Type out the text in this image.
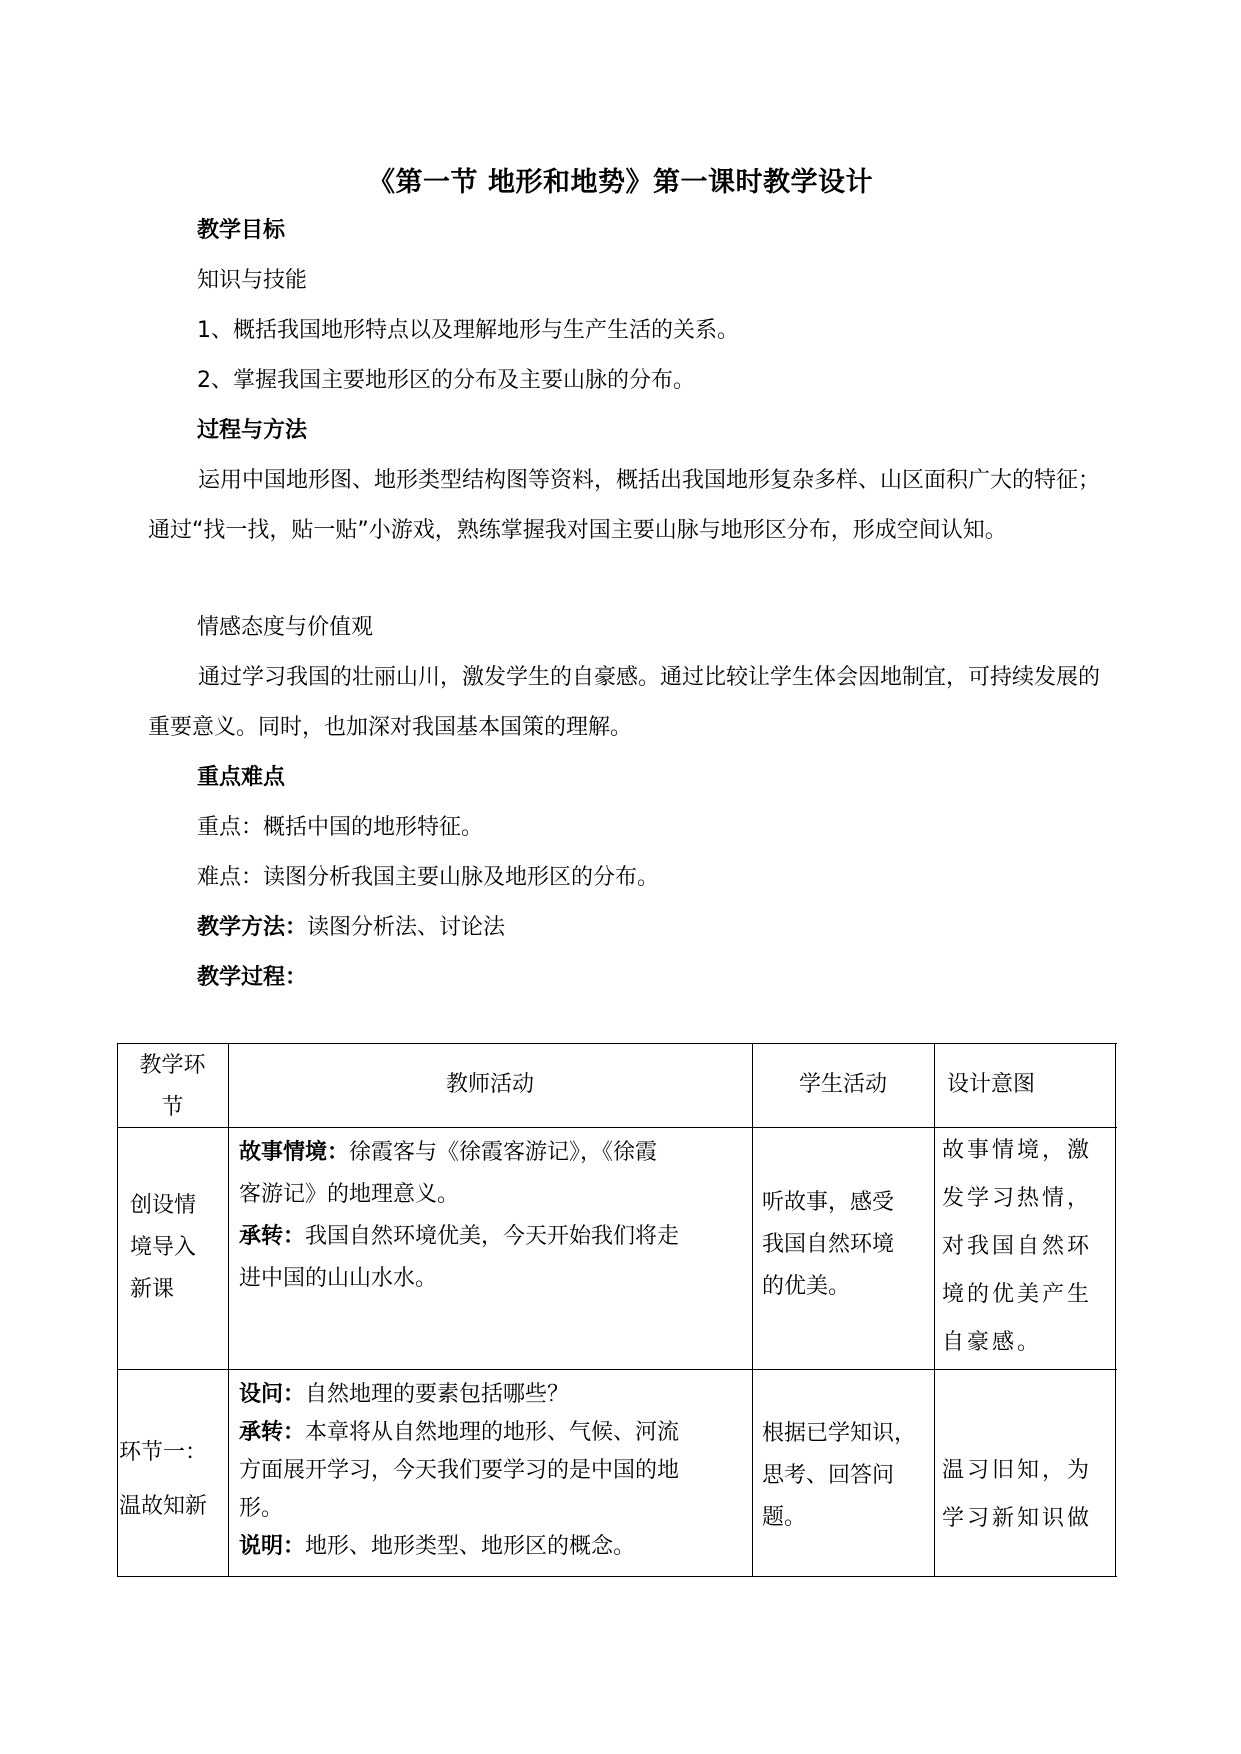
《第一节 地形和地势》第一课时教学设计
教学目标
知识与技能
1、概括我国地形特点以及理解地形与生产生活的关系。
2、掌握我国主要地形区的分布及主要山脉的分布。
过程与方法
运用中国地形图、地形类型结构图等资料，概括出我国地形复杂多样、山区面积广大的特征；通过“找一找，贴一贴”小游戏，熟练掌握我对国主要山脉与地形区分布，形成空间认知。
情感态度与价值观
通过学习我国的壮丽山川，激发学生的自豪感。通过比较让学生体会因地制宜，可持续发展的重要意义。同时，也加深对我国基本国策的理解。
重点难点
重点：概括中国的地形特征。
难点：读图分析我国主要山脉及地形区的分布。
教学方法：读图分析法、讨论法
教学过程：
教学环
节
教师活动	学生活动	设计意图
创设情
境导入
新课
故事情境：徐霞客与《徐霞客游记》，《徐霞
客游记》的地理意义。
承转：我国自然环境优美，今天开始我们将走
进中国的山山水水。
听故事，感受
我国自然环境
的优美。
故事情境，激
发学习热情，
对我国自然环
境的优美产生
自豪感。
环节一：
温故知新
设问：自然地理的要素包括哪些？
承转：本章将从自然地理的地形、气候、河流
方面展开学习，今天我们要学习的是中国的地
形。
说明：地形、地形类型、地形区的概念。
根据已学知识，
思考、回答问
题。
温习旧知，为
学习新知识做
